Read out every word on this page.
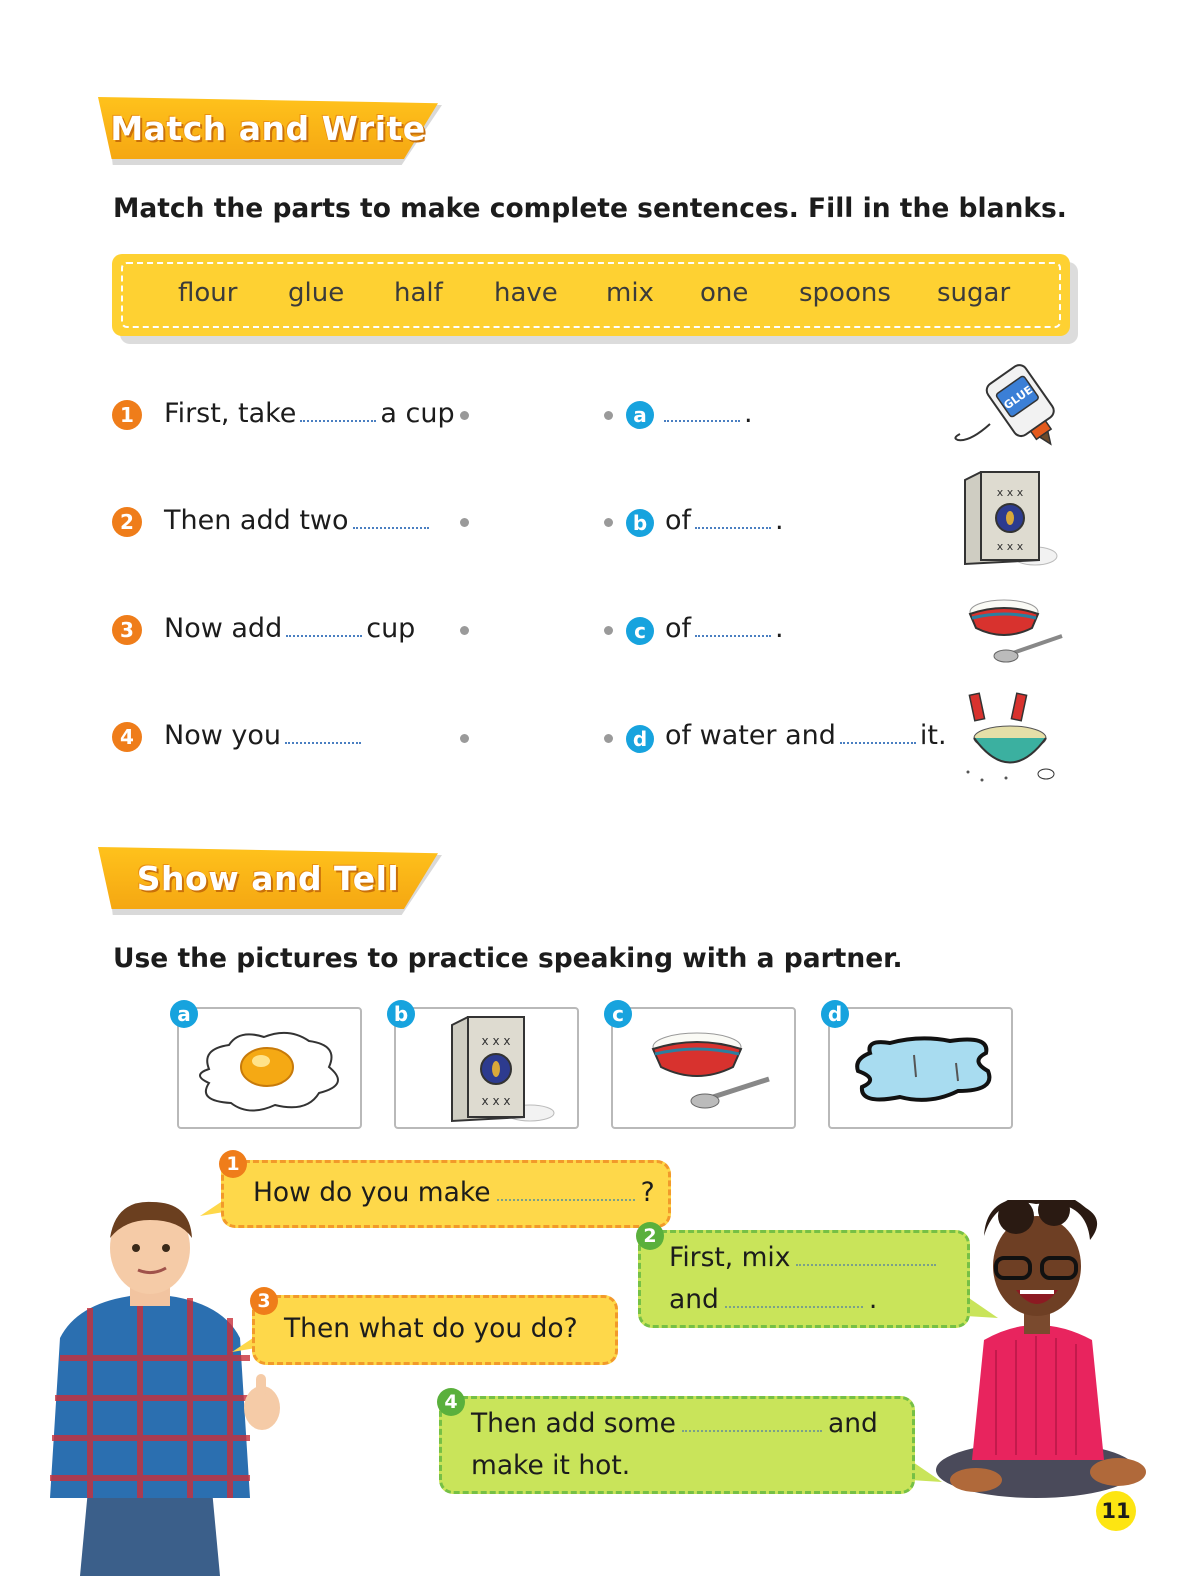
Match and Write
Match the parts to make complete sentences. Fill in the blanks.
flour glue half have mix one spoons sugar
1 First, take	a cup	a	.
2 Then add two	b of	.
3 Now add	cup	c of	.
4 Now you	d of water and	it.
GLUE
x x x
x x x
Show and Tell
Use the pictures to practice speaking with a partner.
x x x
x x x
a	b	c	d
1
How do you make	?
2
First, mix
and	.
3
Then what do you do?
4
Then add some	and
make it hot.
11
